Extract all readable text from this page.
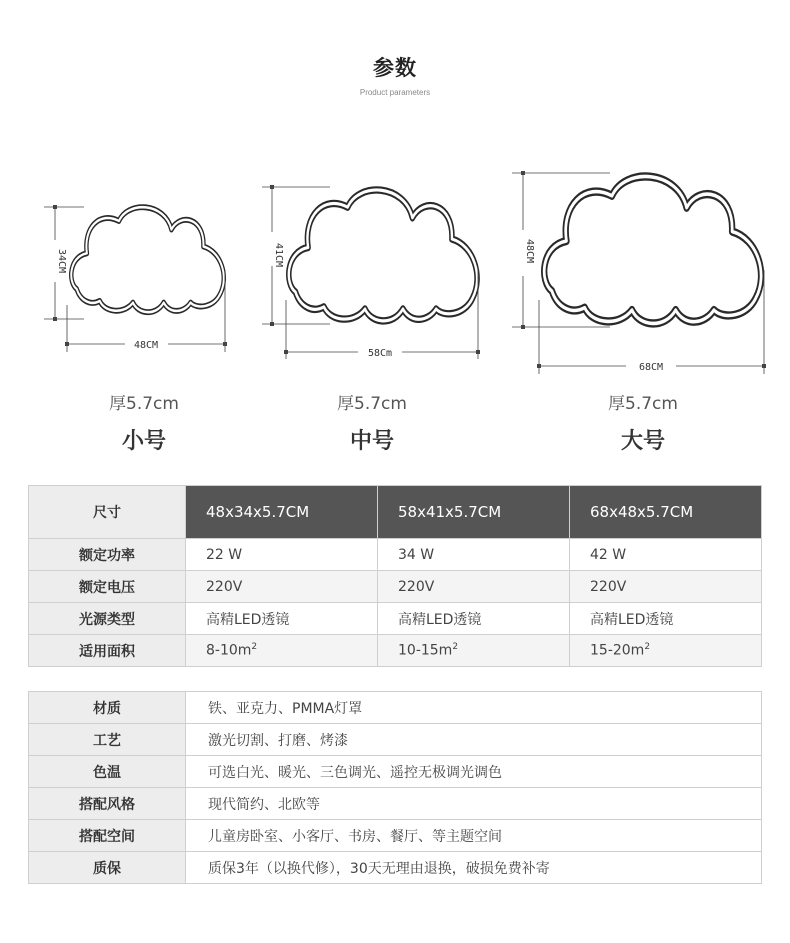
参数
Product parameters
48CM
34CM
58Cm
41CM
68CM
48CM
厚5.7cm	厚5.7cm	厚5.7cm
小号	中号	大号
尺寸	48x34x5.7CM	58x41x5.7CM	68x48x5.7CM
额定功率	22 W	34 W	42 W
额定电压	220V	220V	220V
光源类型	高精LED透镜	高精LED透镜	高精LED透镜
适用面积	$8-10m^2$	$10-15m^2$	$15-20m^2$
材质	铁、亚克力、PMMA灯罩
工艺	激光切割、打磨、烤漆
色温	可选白光、暖光、三色调光、遥控无极调光调色
搭配风格	现代简约、北欧等
搭配空间	儿童房卧室、小客厅、书房、餐厅、等主题空间
质保	质保3年（以换代修），30天无理由退换，破损免费补寄
